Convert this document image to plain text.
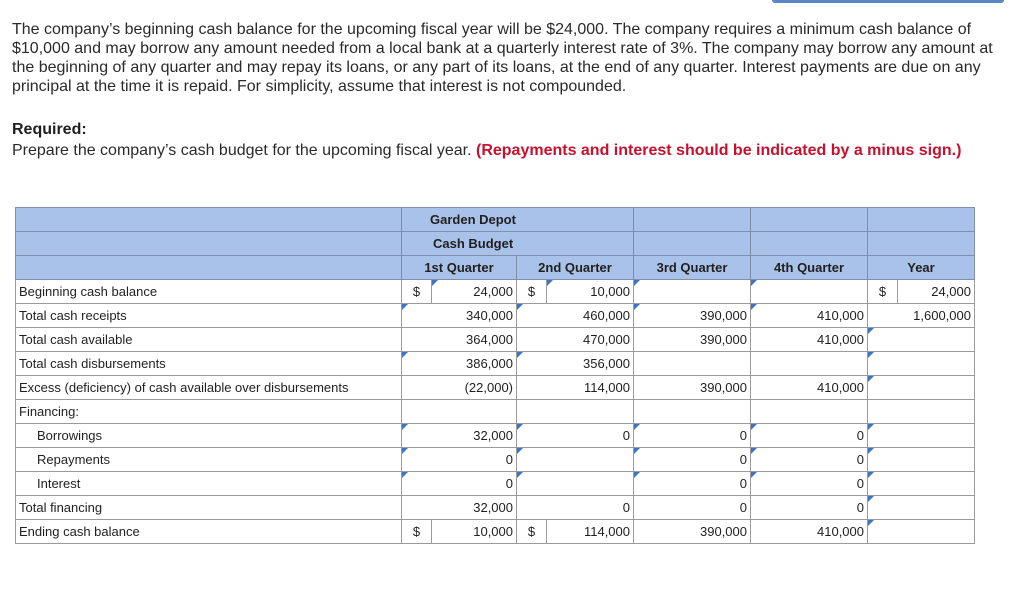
The company’s beginning cash balance for the upcoming fiscal year will be $24,000. The company requires a minimum cash balance of $10,000 and may borrow any amount needed from a local bank at a quarterly interest rate of 3%. The company may borrow any amount at the beginning of any quarter and may repay its loans, or any part of its loans, at the end of any quarter. Interest payments are due on any principal at the time it is repaid. For simplicity, assume that interest is not compounded.

Required:
Prepare the company’s cash budget for the upcoming fiscal year. (Repayments and interest should be indicated by a minus sign.)
	Garden Depot							
	Cash Budget							
	1st Quarter		2nd Quarter		3rd Quarter	4th Quarter	Year	
Beginning cash balance	$	24,000	$	10,000			$	24,000
Total cash receipts	340,000		460,000		390,000	410,000	1,600,000	
Total cash available	364,000		470,000		390,000	410,000		
Total cash disbursements	386,000		356,000					
Excess (deficiency) of cash available over disbursements	(22,000)		114,000		390,000	410,000		
Financing:								
Borrowings	32,000		0		0	0		
Repayments	0				0	0		
Interest	0				0	0		
Total financing	32,000		0		0	0		
Ending cash balance	$	10,000	$	114,000	390,000	410,000		
